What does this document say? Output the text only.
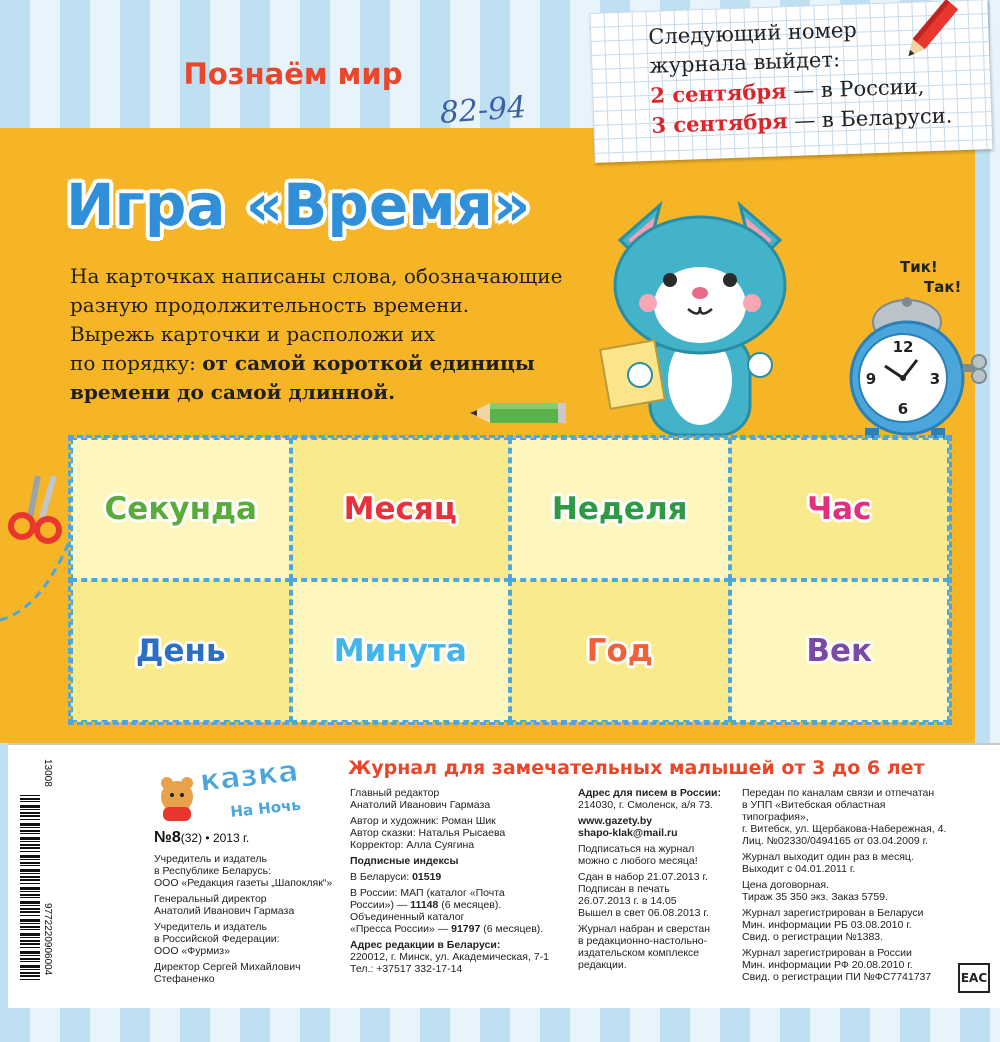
Познаём мир
82-94
Следующий номер
журнала выйдет:
2 сентября — в России,
3 сентября — в Беларуси.
Игра «Время»
На карточках написаны слова, обозначающие
разную продолжительность времени.
Вырежь карточки и расположи их
по порядку: от самой короткой единицы
времени до самой длинной.
Тик!
Так!
12
3
6
9
Секунда	Месяц	Неделя	Час
День	Минута	Год	Век
13008
9772220906004
казка
На Ночь
Журнал для замечательных малышей от 3 до 6 лет
№8(32) • 2013 г.

Учредитель и издатель
в Республике Беларусь:
ООО «Редакция газеты „Шапокляк“»

Генеральный директор
Анатолий Иванович Гармаза

Учредитель и издатель
в Российской Федерации:
ООО «Фурмиз»

Директор Сергей Михайлович
Стефаненко

Главный редактор
Анатолий Иванович Гармаза

Автор и художник: Роман Шик
Автор сказки: Наталья Рысаева
Корректор: Алла Суягина

Подписные индексы

В Беларуси: 01519

В России: МАП (каталог «Почта
России») — 11148 (6 месяцев).
Объединенный каталог
«Пресса России» — 91797 (6 месяцев).

Адрес редакции в Беларуси:
220012, г. Минск, ул. Академическая, 7-1
Тел.: +37517 332-17-14

Адрес для писем в России:
214030, г. Смоленск, а/я 73.

www.gazety.by
shapo-klak@mail.ru

Подписаться на журнал
можно с любого месяца!

Сдан в набор 21.07.2013 г.
Подписан в печать
26.07.2013 г. в 14.05
Вышел в свет 06.08.2013 г.

Журнал набран и сверстан
в редакционно-настольно-
издательском комплексе
редакции.

Передан по каналам связи и отпечатан
в УПП «Витебская областная
типография»,
г. Витебск, ул. Щербакова-Набережная, 4.
Лиц. №02330/0494165 от 03.04.2009 г.

Журнал выходит один раз в месяц.
Выходит с 04.01.2011 г.

Цена договорная.
Тираж 35 350 экз. Заказ 5759.

Журнал зарегистрирован в Беларуси
Мин. информации РБ 03.08.2010 г.
Свид. о регистрации №1383.

Журнал зарегистрирован в России
Мин. информации РФ 20.08.2010 г.
Свид. о регистрации ПИ №ФС7741737	EAC
